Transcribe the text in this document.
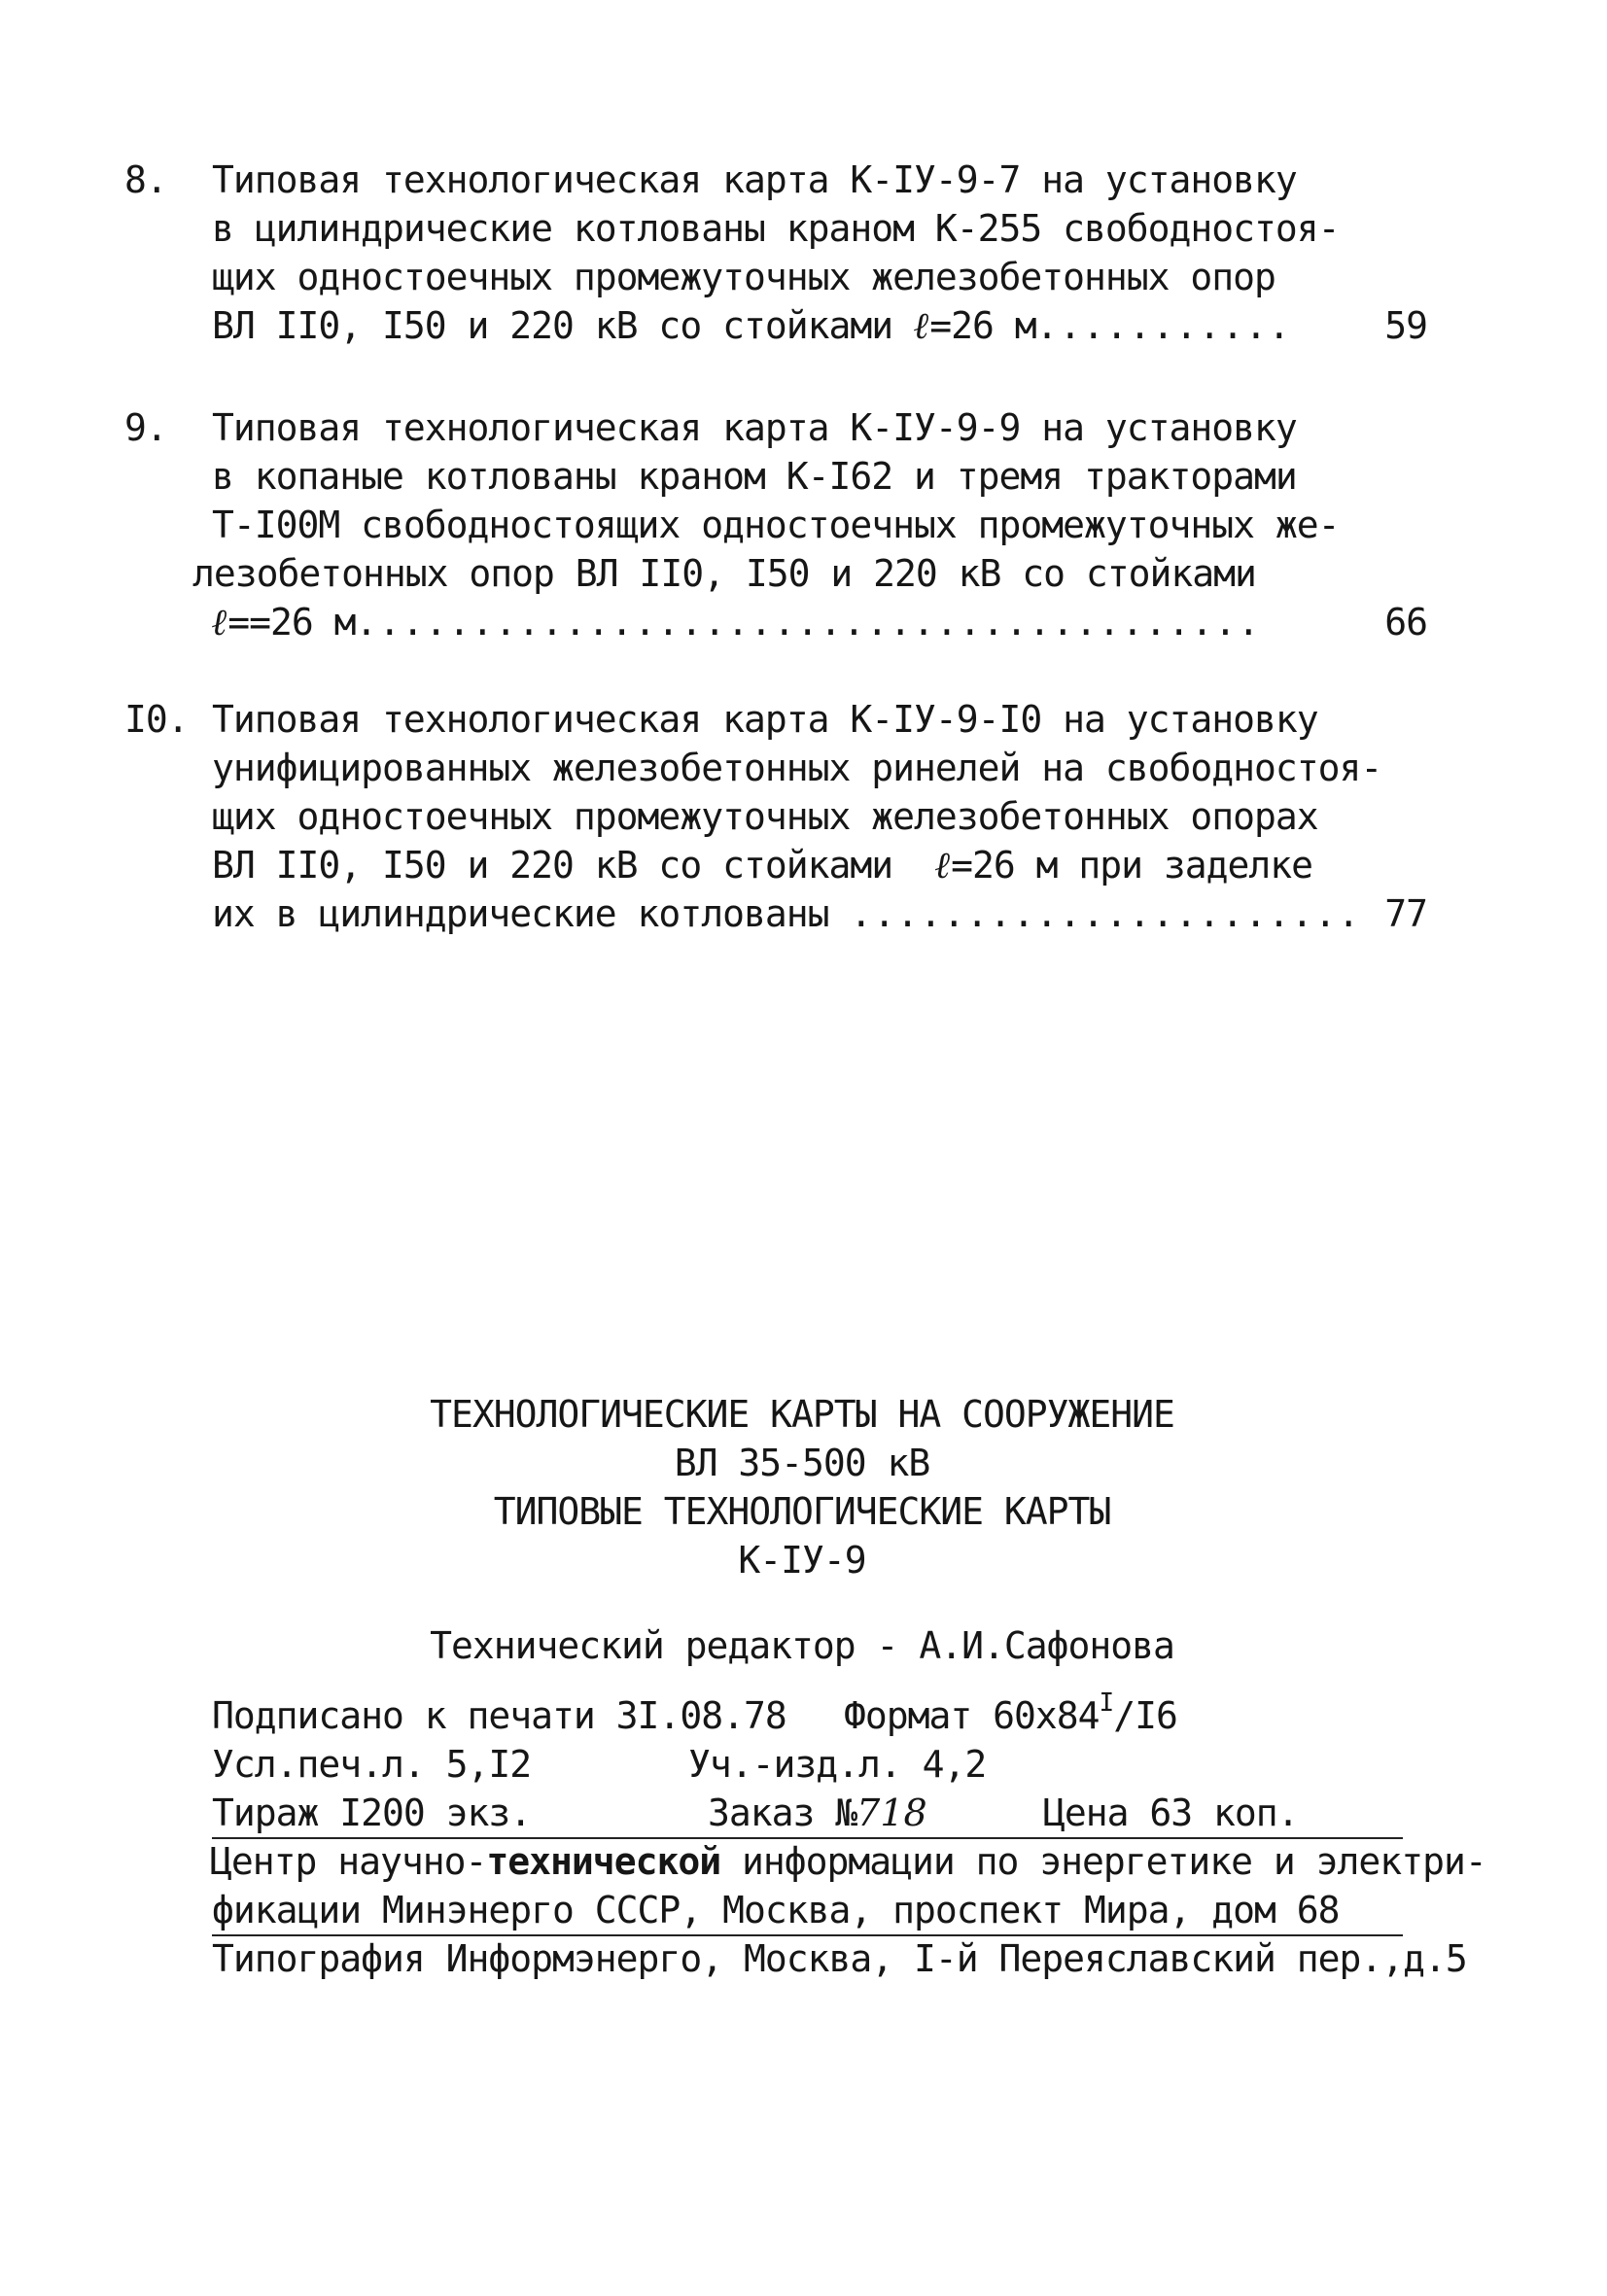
8.	Типовая технологическая карта К-IУ-9-7 на установку
в цилиндрические котлованы краном К-255 свободностоя-
щих одностоечных промежуточных железобетонных опор
ВЛ II0, I50 и 220 кВ со стойками ℓ=26 м...........	59
9.	Типовая технологическая карта К-IУ-9-9 на установку
в копаные котлованы краном К-I62 и тремя тракторами
Т-I00M свободностоящих одностоечных промежуточных же-
лезобетонных опор ВЛ II0, I50 и 220 кВ со стойками
ℓ==26 м.......................................	66
I0. Типовая технологическая карта К-IУ-9-I0 на установку
унифицированных железобетонных ринелей на свободностоя-
щих одностоечных промежуточных железобетонных опорах
ВЛ II0, I50 и 220 кВ со стойками ℓ=26 м при заделке
их в цилиндрические котлованы ...................... 77
ТЕХНОЛОГИЧЕСКИЕ КАРТЫ НА СООРУЖЕНИЕ
ВЛ 35-500 кВ
ТИПОВЫЕ ТЕХНОЛОГИЧЕСКИЕ КАРТЫ
К-IУ-9
Технический редактор - А.И.Сафонова
Подписано к печати 3I.08.78 Формат $60х84^I/I6$
Усл.печ.л. 5,I2	Уч.-изд.л. 4,2
Тираж I200 экз.	Заказ №718	Цена 63 коп.
Центр научно-технической информации по энергетике и электри-
фикации Минэнерго СССР, Москва, проспект Мира, дом 68
Типография Информэнерго, Москва, I-й Переяславский пер.,д.5
